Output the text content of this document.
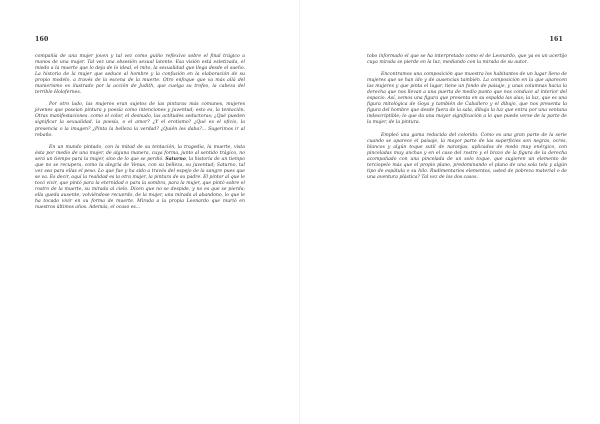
160

compañía de una mujer joven y tal vez como guiño reflexivo sobre el final trágico a manos de una mujer. Tal vez una obsesión sexual latente. Esa visión está estetizada, el miedo a la muerte que lo deja de lo ideal, el mito, la sexualidad que llega desde el sueño. La historia de la mujer que seduce al hombre y la confusión en la elaboración de su propio modelo, a través de la escena de la muerte. Otro enfoque que va más allá del manierismo es ilustrado por la acción de Judith, que cuelga su trofeo, la cabeza del terrible Holofernes.

Por otro lado, las mujeres eran sujetos de las pinturas más comunes, mujeres jóvenes que poseían pintura y poesía como intenciones y juventud; esto es, la tentación. Otras manifestaciones, como el color, el desnudo, las actitudes seductoras; ¿Qué pueden significar la sexualidad, la poesía, o el amor? ¿Y el erotismo? ¿Qué es el oficio, la presencia o la imagen? ¿Pinta la belleza la verdad? ¿Quién les daba?... Sugerimos ir al rebaño.

En un mundo pintado, con la mitad de su tentación, la tragedia, la muerte, vista ésta por medio de una mujer, de alguna manera, cuya forma, junto al sentido trágico, no será un tiempo para la mujer, sino de lo que se perdió. Saturno, la historia de un tiempo que no se recupera, como la alegría de Venus, con su belleza, su juventud; Saturno, tal vez sea para ellas el peso. Lo que fue y ha sido a través del espejo de la sangre pues que se va. Es decir, aquí la realidad es la otra mujer, la pintura de su padre. El pintor al que le tocó vivir, que pintó para la eternidad o para la sombra, para la mujer, que pintó sobre el rostro de la muerte, su mirada al cielo. Dicen que no se despide, y no es que se pierda; ella queda ausente, volviéndose recuerdo, de la mujer, una mirada al abandono, lo que le ha tocado vivir en su forma de muerte. Mirada a la propia Leonardo que murió en nuestros últimos años. Además, el ocaso es...

161

tobo informado el que se ha interpretado como el de Leonardo, que ya es un acertijo cuya mirada se pierde en la luz, mediando con la mirada de su autor.

Encontramos una composición que muestra los habitantes de un lugar lleno de mujeres que se han ido y de ausencias también. La composición en la que aparecen las mujeres y que pinta el lugar, tiene un fondo de paisaje, y unas columnas hacia la derecha que nos llevan a una puerta de medio punto que nos conduce al interior del espacio. Así, vemos una figura que presenta en su espalda las alas; la luz, que es una figura mitológica de Goya y también de Caballero y el dibujo, que nos presenta la figura del hombre que desde fuera de la sala, dibuja la luz que entra por una ventana indescriptible; lo que da una mayor significación a lo que puede verse de la parte de la mujer, de la pintura.

Empleó una gama reducida del colorido. Como es una gran parte de la serie cuando se aparece el paisaje, la mayor parte de las superficies son negras, ocres, blancos y algún toque sutil de naranjas, aplicados de modo muy enérgico, con pinceladas muy anchas y en el caso del rostro y el brazo de la figura de la derecha acompañado con una pincelada de un solo toque, que sugieren un elemento de terciopelo más que el propio plano, predominando el plano de una sola tela y algún tipo de espátula o su hilo. Rudimentarios elementos, usted de pobreza material o de una aventura plástica? Tal vez de los dos casos.
